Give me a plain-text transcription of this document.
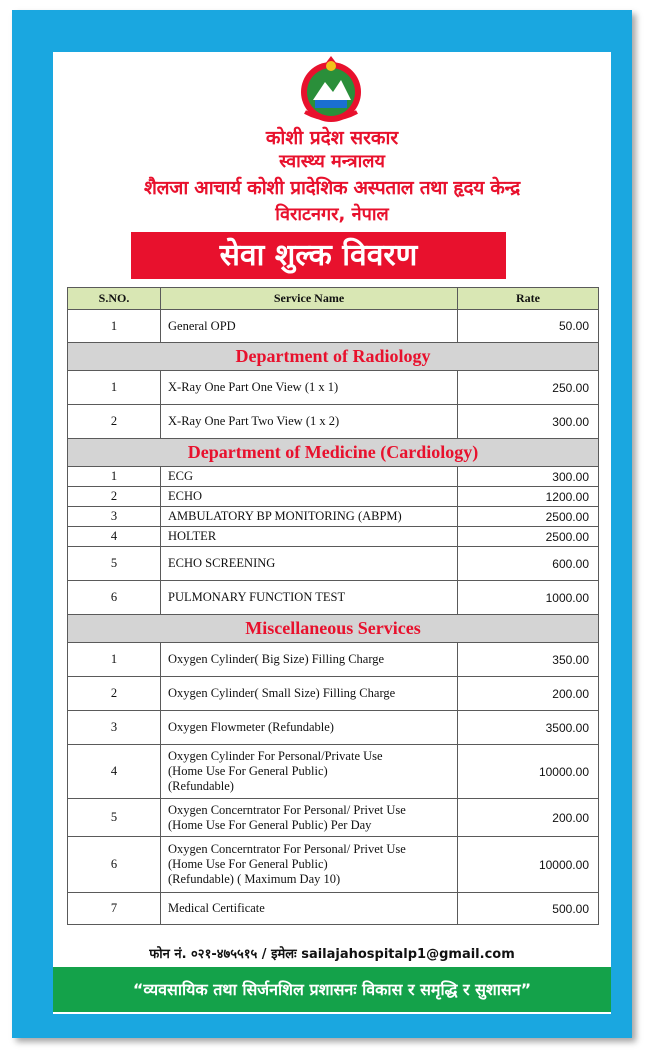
कोशी प्रदेश सरकार
स्वास्थ्य मन्त्रालय
शैलजा आचार्य कोशी प्रादेशिक अस्पताल तथा हृदय केन्द्र
विराटनगर, नेपाल
सेवा शुल्क विवरण
S.NO.	Service Name	Rate
1	General OPD	50.00
Department of Radiology		
1	X-Ray One Part One View (1 x 1)	250.00
2	X-Ray One Part Two View (1 x 2)	300.00
Department of Medicine (Cardiology)		
1	ECG	300.00
2	ECHO	1200.00
3	AMBULATORY BP MONITORING (ABPM)	2500.00
4	HOLTER	2500.00
5	ECHO SCREENING	600.00
6	PULMONARY FUNCTION TEST	1000.00
Miscellaneous Services		
1	Oxygen Cylinder( Big Size) Filling Charge	350.00
2	Oxygen Cylinder( Small Size) Filling Charge	200.00
3	Oxygen Flowmeter (Refundable)	3500.00
4	Oxygen Cylinder For Personal/Private Use
(Home Use For General Public)
(Refundable)	10000.00
5	Oxygen Concerntrator For Personal/ Privet Use
(Home Use For General Public) Per Day	200.00
6	Oxygen Concerntrator For Personal/ Privet Use
(Home Use For General Public)
(Refundable) ( Maximum Day 10)	10000.00
7	Medical Certificate	500.00
फोन नं. ०२१-४७५५१५ / इमेलः sailajahospitalp1@gmail.com
“व्यवसायिक तथा सिर्जनशिल प्रशासनः विकास र समृद्धि र सुशासन”
